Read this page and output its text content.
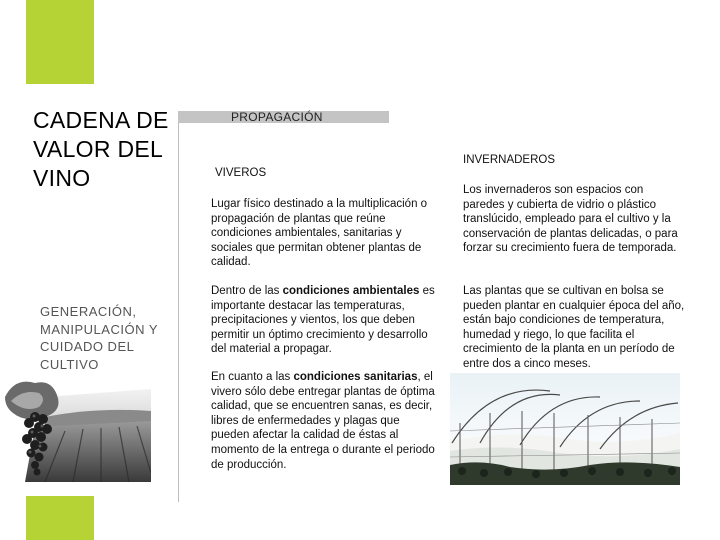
CADENA DE VALOR DEL VINO
GENERACIÓN, MANIPULACIÓN Y CUIDADO DEL CULTIVO
PROPAGACIÓN
VIVEROS
INVERNADEROS
Lugar físico destinado a la multiplicación o propagación de plantas que reúne condiciones ambientales, sanitarias y sociales que permitan obtener plantas de calidad.
Dentro de las condiciones ambientales es importante destacar las temperaturas, precipitaciones y vientos, los que deben permitir un óptimo crecimiento y desarrollo del material a propagar.
En cuanto a las condiciones sanitarias, el vivero sólo debe entregar plantas de óptima calidad, que se encuentren sanas, es decir, libres de enfermedades y plagas que pueden afectar la calidad de éstas al momento de la entrega o durante el periodo de producción.
Los invernaderos son espacios con paredes y cubierta de vidrio o plástico translúcido, empleado para el cultivo y la conservación de plantas delicadas, o para forzar su crecimiento fuera de temporada.
Las plantas que se cultivan en bolsa se pueden plantar en cualquier época del año, están bajo condiciones de temperatura, humedad y riego, lo que facilita el crecimiento de la planta en un período de entre dos a cinco meses.
